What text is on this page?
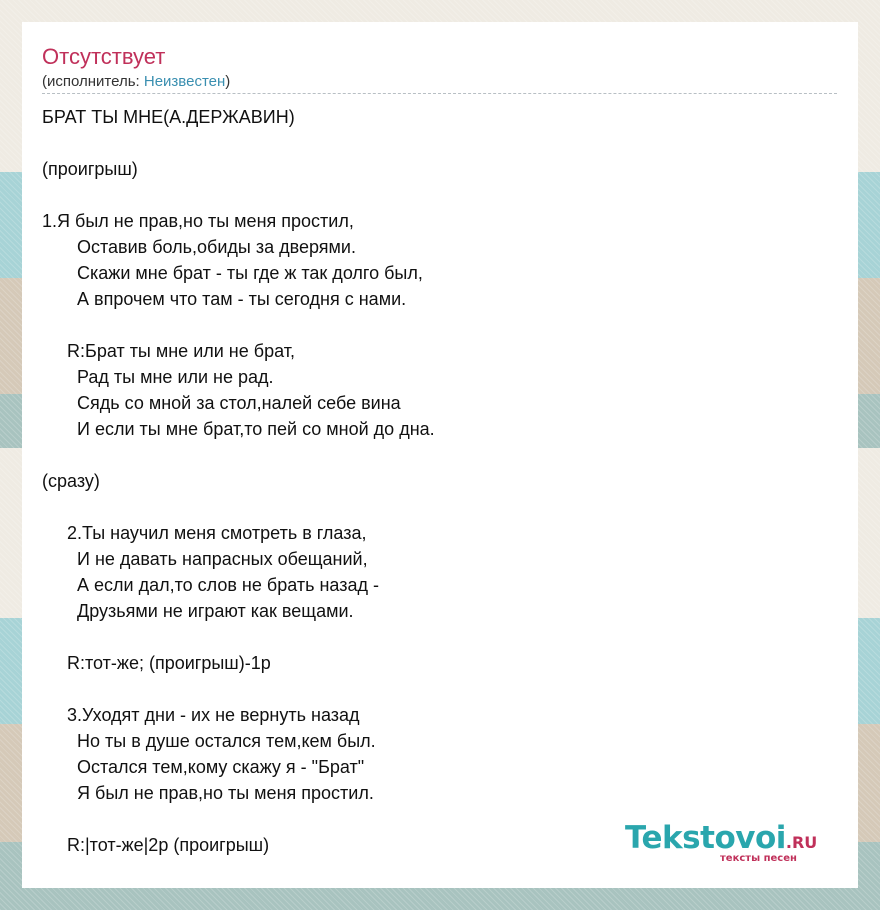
Отсутствует
(исполнитель: Неизвестен)
БРАТ ТЫ МНЕ(А.ДЕРЖАВИН)

(проигрыш)

1.Я был не прав,но ты меня простил,
Оставив боль,обиды за дверями.
Скажи мне брат - ты где ж так долго был,
А впрочем что там - ты сегодня с нами.

R:Брат ты мне или не брат,
Рад ты мне или не рад.
Сядь со мной за стол,налей себе вина
И если ты мне брат,то пей со мной до дна.

(сразу)

2.Ты научил меня смотреть в глаза,
И не давать напрасных обещаний,
А если дал,то слов не брать назад -
Друзьями не играют как вещами.

R:тот-же; (проигрыш)-1р

3.Уходят дни - их не вернуть назад
Но ты в душе остался тем,кем был.
Остался тем,кому скажу я - "Брат"
Я был не прав,но ты меня простил.

R:|тот-же|2р (проигрыш)	Tekstovoi.RU
тексты песен
